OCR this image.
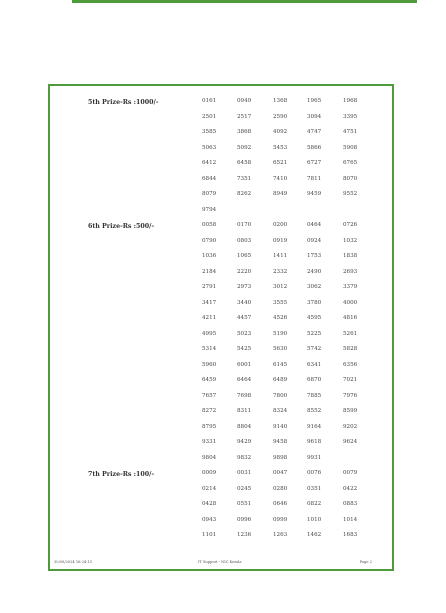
5th Prize-Rs :1000/-	0161	0949	1368	1965	1968
2501	2517	2590	3094	3395
3585	3868	4092	4747	4751
5063	5092	5453	5866	5908
6412	6458	6521	6727	6765
6844	7351	7410	7811	8070
8079	8262	8949	9459	9552
9794
6th Prize-Rs :500/-	0058	0170	0200	0464	0726
0790	0803	0919	0924	1032
1036	1065	1411	1753	1838
2184	2220	2332	2490	2693
2791	2973	3012	3062	3379
3417	3440	3555	3780	4000
4211	4457	4526	4595	4816
4995	5023	5190	5225	5261
5314	5425	5630	5742	5828
5960	6001	6145	6341	6356
6459	6464	6489	6870	7021
7657	7698	7800	7885	7976
8272	8311	8324	8552	8599
8795	8804	9140	9164	9202
9331	9429	9458	9618	9624
9804	9832	9898	9931
7th Prize-Rs :100/-	0009	0031	0047	0076	0079
0214	0245	0280	0351	0422
0428	0551	0646	0822	0883
0943	0996	0999	1010	1014
1101	1236	1263	1462	1683
30/08/2024 16:24:15	IT Support - NIC Kerala	Page 2
